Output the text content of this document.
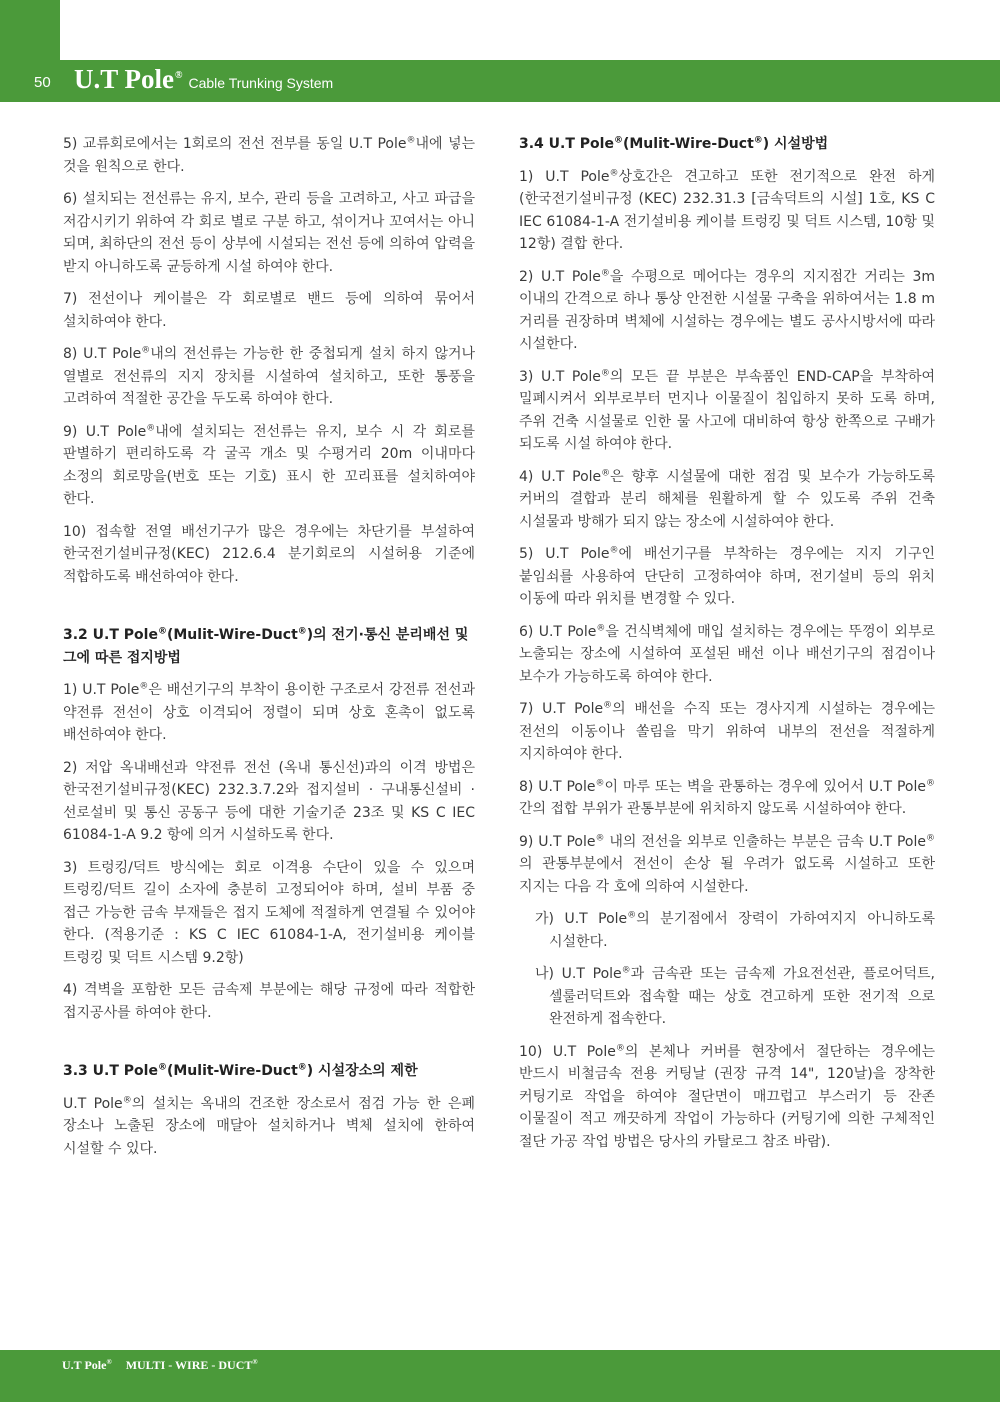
50 U.T Pole® Cable Trunking System

5) 교류회로에서는 1회로의 전선 전부를 동일 U.T Pole®내에 넣는 것을 원칙으로 한다.

6) 설치되는 전선류는 유지, 보수, 관리 등을 고려하고, 사고 파급을 저감시키기 위하여 각 회로 별로 구분 하고, 섞이거나 꼬여서는 아니 되며, 최하단의 전선 등이 상부에 시설되는 전선 등에 의하여 압력을 받지 아니하도록 균등하게 시설 하여야 한다.

7) 전선이나 케이블은 각 회로별로 밴드 등에 의하여 묶어서 설치하여야 한다.

8) U.T Pole®내의 전선류는 가능한 한 중첩되게 설치 하지 않거나 열별로 전선류의 지지 장치를 시설하여 설치하고, 또한 통풍을 고려하여 적절한 공간을 두도록 하여야 한다.

9) U.T Pole®내에 설치되는 전선류는 유지, 보수 시 각 회로를 판별하기 편리하도록 각 굴곡 개소 및 수평거리 20m 이내마다 소정의 회로망을(번호 또는 기호) 표시 한 꼬리표를 설치하여야 한다.

10) 접속할 전열 배선기구가 많은 경우에는 차단기를 부설하여 한국전기설비규정(KEC) 212.6.4 분기회로의 시설허용 기준에 적합하도록 배선하여야 한다.

3.2 U.T Pole®(Mulit-Wire-Duct®)의 전기·통신 분리배선 및 그에 따른 접지방법

1) U.T Pole®은 배선기구의 부착이 용이한 구조로서 강전류 전선과 약전류 전선이 상호 이격되어 정렬이 되며 상호 혼촉이 없도록 배선하여야 한다.

2) 저압 옥내배선과 약전류 전선 (옥내 통신선)과의 이격 방법은 한국전기설비규정(KEC) 232.3.7.2와 접지설비 · 구내통신설비 · 선로설비 및 통신 공동구 등에 대한 기술기준 23조 및 KS C IEC 61084-1-A 9.2 항에 의거 시설하도록 한다.

3) 트렁킹/덕트 방식에는 회로 이격용 수단이 있을 수 있으며 트렁킹/덕트 길이 소자에 충분히 고정되어야 하며, 설비 부품 중 접근 가능한 금속 부재들은 접지 도체에 적절하게 연결될 수 있어야 한다. (적용기준 : KS C IEC 61084-1-A, 전기설비용 케이블 트렁킹 및 덕트 시스템 9.2항)

4) 격벽을 포함한 모든 금속제 부분에는 해당 규정에 따라 적합한 접지공사를 하여야 한다.

3.3 U.T Pole®(Mulit-Wire-Duct®) 시설장소의 제한

U.T Pole®의 설치는 옥내의 건조한 장소로서 점검 가능 한 은폐 장소나 노출된 장소에 매달아 설치하거나 벽체 설치에 한하여 시설할 수 있다.

3.4 U.T Pole®(Mulit-Wire-Duct®) 시설방법

1) U.T Pole®상호간은 견고하고 또한 전기적으로 완전 하게 (한국전기설비규정 (KEC) 232.31.3 [금속덕트의 시설] 1호, KS C IEC 61084-1-A 전기설비용 케이블 트렁킹 및 덕트 시스템, 10항 및 12항) 결합 한다.

2) U.T Pole®을 수평으로 메어다는 경우의 지지점간 거리는 3m 이내의 간격으로 하나 통상 안전한 시설물 구축을 위하여서는 1.8 m 거리를 권장하며 벽체에 시설하는 경우에는 별도 공사시방서에 따라 시설한다.

3) U.T Pole®의 모든 끝 부분은 부속품인 END-CAP을 부착하여 밀폐시켜서 외부로부터 먼지나 이물질이 침입하지 못하 도록 하며, 주위 건축 시설물로 인한 물 사고에 대비하여 항상 한쪽으로 구배가 되도록 시설 하여야 한다.

4) U.T Pole®은 향후 시설물에 대한 점검 및 보수가 가능하도록 커버의 결합과 분리 해체를 원활하게 할 수 있도록 주위 건축 시설물과 방해가 되지 않는 장소에 시설하여야 한다.

5) U.T Pole®에 배선기구를 부착하는 경우에는 지지 기구인 붙임쇠를 사용하여 단단히 고정하여야 하며, 전기설비 등의 위치 이동에 따라 위치를 변경할 수 있다.

6) U.T Pole®을 건식벽체에 매입 설치하는 경우에는 뚜껑이 외부로 노출되는 장소에 시설하여 포설된 배선 이나 배선기구의 점검이나 보수가 가능하도록 하여야 한다.

7) U.T Pole®의 배선을 수직 또는 경사지게 시설하는 경우에는 전선의 이동이나 쏠림을 막기 위하여 내부의 전선을 적절하게 지지하여야 한다.

8) U.T Pole®이 마루 또는 벽을 관통하는 경우에 있어서 U.T Pole®간의 접합 부위가 관통부분에 위치하지 않도록 시설하여야 한다.

9) U.T Pole® 내의 전선을 외부로 인출하는 부분은 금속 U.T Pole®의 관통부분에서 전선이 손상 될 우려가 없도록 시설하고 또한 지지는 다음 각 호에 의하여 시설한다.

가) U.T Pole®의 분기점에서 장력이 가하여지지 아니하도록 시설한다.

나) U.T Pole®과 금속관 또는 금속제 가요전선관, 플로어덕트, 셀룰러덕트와 접속할 때는 상호 견고하게 또한 전기적 으로 완전하게 접속한다.

10) U.T Pole®의 본체나 커버를 현장에서 절단하는 경우에는 반드시 비철금속 전용 커팅날 (권장 규격 14", 120날)을 장착한 커팅기로 작업을 하여야 절단면이 매끄럽고 부스러기 등 잔존 이물질이 적고 깨끗하게 작업이 가능하다 (커팅기에 의한 구체적인 절단 가공 작업 방법은 당사의 카탈로그 참조 바람).

U.T Pole® MULTI - WIRE - DUCT®
